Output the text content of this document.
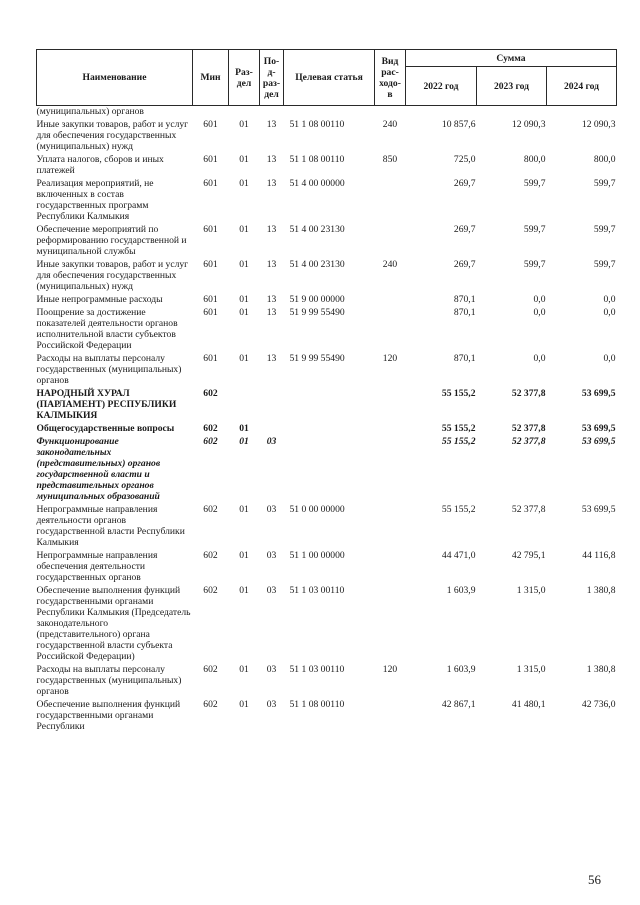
Наименование	Мин	Раз-дел	По-д-раз-дел	Целевая статья	Вид рас-ходо-в	Сумма		
						2022 год	2023 год	2024 год
(муниципальных) органов								
Иные закупки товаров, работ и услуг для обеспечения государственных (муниципальных) нужд	601	01	13	51 1 08 00110	240	10 857,6	12 090,3	12 090,3
Уплата налогов, сборов и иных платежей	601	01	13	51 1 08 00110	850	725,0	800,0	800,0
Реализация мероприятий, не включенных в состав государственных программ Республики Калмыкия	601	01	13	51 4 00 00000		269,7	599,7	599,7
Обеспечение мероприятий по реформированию государственной и муниципальной службы	601	01	13	51 4 00 23130		269,7	599,7	599,7
Иные закупки товаров, работ и услуг для обеспечения государственных (муниципальных) нужд	601	01	13	51 4 00 23130	240	269,7	599,7	599,7
Иные непрограммные расходы	601	01	13	51 9 00 00000		870,1	0,0	0,0
Поощрение за достижение показателей деятельности органов исполнительной власти субъектов Российской Федерации	601	01	13	51 9 99 55490		870,1	0,0	0,0
Расходы на выплаты персоналу государственных (муниципальных) органов	601	01	13	51 9 99 55490	120	870,1	0,0	0,0
НАРОДНЫЙ ХУРАЛ (ПАРЛАМЕНТ) РЕСПУБЛИКИ КАЛМЫКИЯ	602					55 155,2	52 377,8	53 699,5
Общегосударственные вопросы	602	01				55 155,2	52 377,8	53 699,5
Функционирование законодательных (представительных) органов государственной власти и представительных органов муниципальных образований	602	01	03			55 155,2	52 377,8	53 699,5
Непрограммные направления деятельности органов государственной власти Республики Калмыкия	602	01	03	51 0 00 00000		55 155,2	52 377,8	53 699,5
Непрограммные направления обеспечения деятельности государственных органов	602	01	03	51 1 00 00000		44 471,0	42 795,1	44 116,8
Обеспечение выполнения функций государственными органами Республики Калмыкия (Председатель законодательного (представительного) органа государственной власти субъекта Российской Федерации)	602	01	03	51 1 03 00110		1 603,9	1 315,0	1 380,8
Расходы на выплаты персоналу государственных (муниципальных) органов	602	01	03	51 1 03 00110	120	1 603,9	1 315,0	1 380,8
Обеспечение выполнения функций государственными органами Республики	602	01	03	51 1 08 00110		42 867,1	41 480,1	42 736,0
56
